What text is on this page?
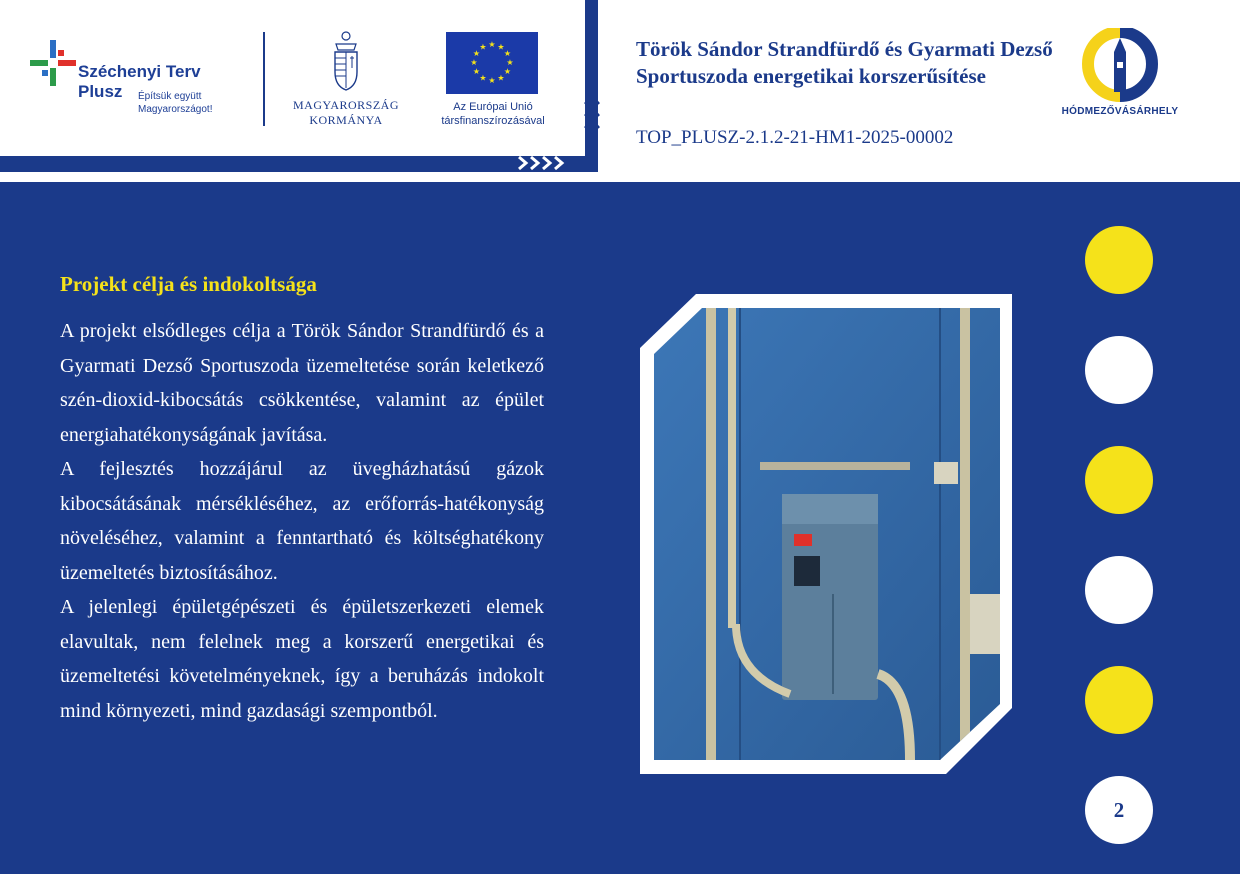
Széchenyi Terv
Plusz Építsük együtt
Magyarországot!	MAGYARORSZÁG
KORMÁNYA
★ ★
★
★
★
★
★
★
★
★
★
★
Az Európai Unió
társfinanszírozásával
Török Sándor Strandfürdő és Gyarmati Dezső Sportuszoda energetikai korszerűsítése
TOP_PLUSZ-2.1.2-21-HM1-2025-00002
HÓDMEZŐVÁSÁRHELY
Projekt célja és indokoltsága

A projekt elsődleges célja a Török Sándor Strandfürdő és a Gyarmati Dezső Sportuszoda üzemeltetése során keletkező szén-dioxid-kibocsátás csökkentése, valamint az épület energiahatékonyságának javítása.

A fejlesztés hozzájárul az üvegházhatású gázok kibocsátásának mérsékléséhez, az erőforrás-hatékonyság növeléséhez, valamint a fenntartható és költséghatékony üzemeltetés biztosításához.

A jelenlegi épületgépészeti és épületszerkezeti elemek elavultak, nem felelnek meg a korszerű energetikai és üzemeltetési követelményeknek, így a beruházás indokolt mind környezeti, mind gazdasági szempontból.

2
